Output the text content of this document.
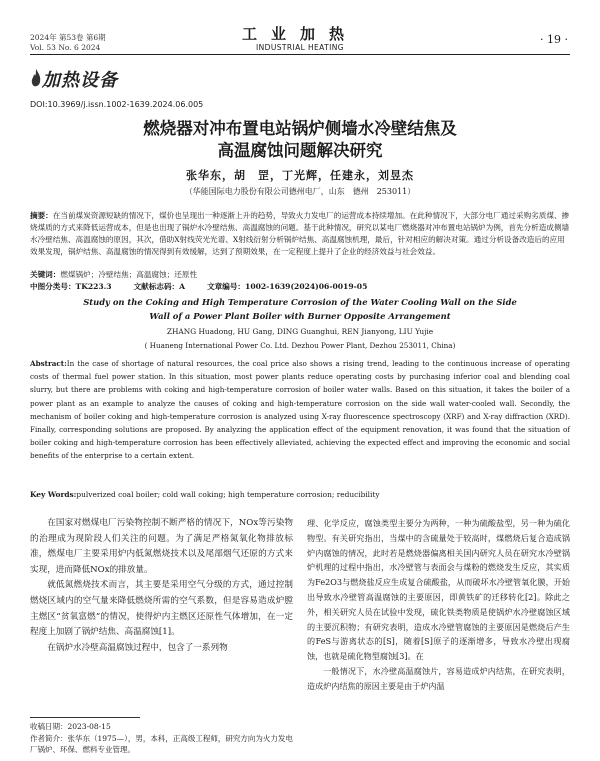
2024年 第53卷 第6期
Vol. 53 No. 6 2024
工业加热
INDUSTRIAL HEATING
· 19 ·
加热设备
DOI:10.3969/j.issn.1002-1639.2024.06.005
燃烧器对冲布置电站锅炉侧墙水冷壁结焦及
高温腐蚀问题解决研究
张华东，胡　罡，丁光辉，任建永，刘昱杰
（华能国际电力股份有限公司德州电厂，山东　德州　253011）
摘要：在当前煤炭资源短缺的情况下，煤价也呈现出一种逐渐上升的趋势，导致火力发电厂的运营成本持续增加。在此种情况下，大部分电厂通过采购劣质煤、掺烧煤质的方式来降低运营成本，但是也出现了锅炉水冷壁结焦、高温腐蚀的问题。基于此种情况，研究以某电厂燃烧器对冲布置电站锅炉为例，首先分析造成侧墙水冷壁结焦、高温腐蚀的原因，其次，借助X射线荧光光谱、X射线衍射分析锅炉结焦、高温腐蚀机理，最后，针对相应的解决对策。通过分析设备改造后的应用效果发现，锅炉结焦、高温腐蚀的情况得到有效缓解，达到了预期效果，在一定程度上提升了企业的经济效益与社会效益。
关键词：燃煤锅炉；冷壁结焦；高温腐蚀；还原性
中图分类号：TK223.3	文献标志码：A	文章编号：1002-1639(2024)06-0019-05
Study on the Coking and High Temperature Corrosion of the Water Cooling Wall on the Side
Wall of a Power Plant Boiler with Burner Opposite Arrangement
ZHANG Huadong, HU Gang, DING Guanghui, REN Jianyong, LIU Yujie
( Huaneng International Power Co. Ltd. Dezhou Power Plant, Dezhou 253011, China)
Abstract:In the case of shortage of natural resources, the coal price also shows a rising trend, leading to the continuous increase of operating costs of thermal fuel power station. In this situation, most power plants reduce operating costs by purchasing inferior coal and blending coal slurry, but there are problems with coking and high-temperature corrosion of boiler water walls. Based on this situation, it takes the boiler of a power plant as an example to analyze the causes of coking and high-temperature corrosion on the side wall water-cooled wall. Secondly, the mechanism of boiler coking and high-temperature corrosion is analyzed using X-ray fluorescence spectroscopy (XRF) and X-ray diffraction (XRD). Finally, corresponding solutions are proposed. By analyzing the application effect of the equipment renovation, it was found that the situation of boiler coking and high-temperature corrosion has been effectively alleviated, achieving the expected effect and improving the economic and social benefits of the enterprise to a certain extent.
Key Words:pulverized coal boiler; cold wall coking; high temperature corrosion; reducibility

在国家对燃煤电厂污染物控制不断严格的情况下，NOx等污染物的治理成为现阶段人们关注的问题。为了满足严格氮氧化物排放标准，燃煤电厂主要采用炉内低氮燃烧技术以及尾部烟气还原的方式来实现，进而降低NOx的排放量。

就低氮燃烧技术而言，其主要是采用空气分级的方式，通过控制燃烧区域内的空气量来降低燃烧所需的空气系数，但是容易造成炉膛主燃区“贫氧富燃”的情况，使得炉内主燃区还原性气体增加，在一定程度上加剧了锅炉结焦、高温腐蚀[1]。

在锅炉水冷壁高温腐蚀过程中，包含了一系列物

理、化学反应，腐蚀类型主要分为两种，一种为硫酸盐型，另一种为硫化物型。有关研究指出，当煤中的含硫量处于较高时，煤燃烧后复合造成锅炉内腐蚀的情况，此时若是燃烧器偏离相关国内研究人员在研究水冷壁锅炉机理的过程中指出，水冷壁管与表面会与煤粉的燃烧发生反应，其实质为Fe2O3与燃烧盐反应生成复合硫酸盐，从而破坏水冷壁管氧化膜，开始出导致水冷壁管高温腐蚀的主要原因，即黄铁矿的迁移转化[2]。除此之外，相关研究人员在试验中发现，硫化铁类物质是使锅炉水冷壁腐蚀区域的主要沉积物；有研究表明，造成水冷壁管腐蚀的主要原因是燃烧后产生的FeS与游离状态的[S]，随着[S]原子的逐渐增多，导致水冷壁出现腐蚀，也就是硫化物型腐蚀[3]。在

一般情况下，水冷壁高温腐蚀片，容易造成炉内结焦，在研究表明，造成炉内结焦的原因主要是由于炉内温

收稿日期：2023-08-15
作者简介：张华东（1975—），男，本科，正高级工程师，研究方向为火力发电厂锅炉、环保、燃料专业管理。
